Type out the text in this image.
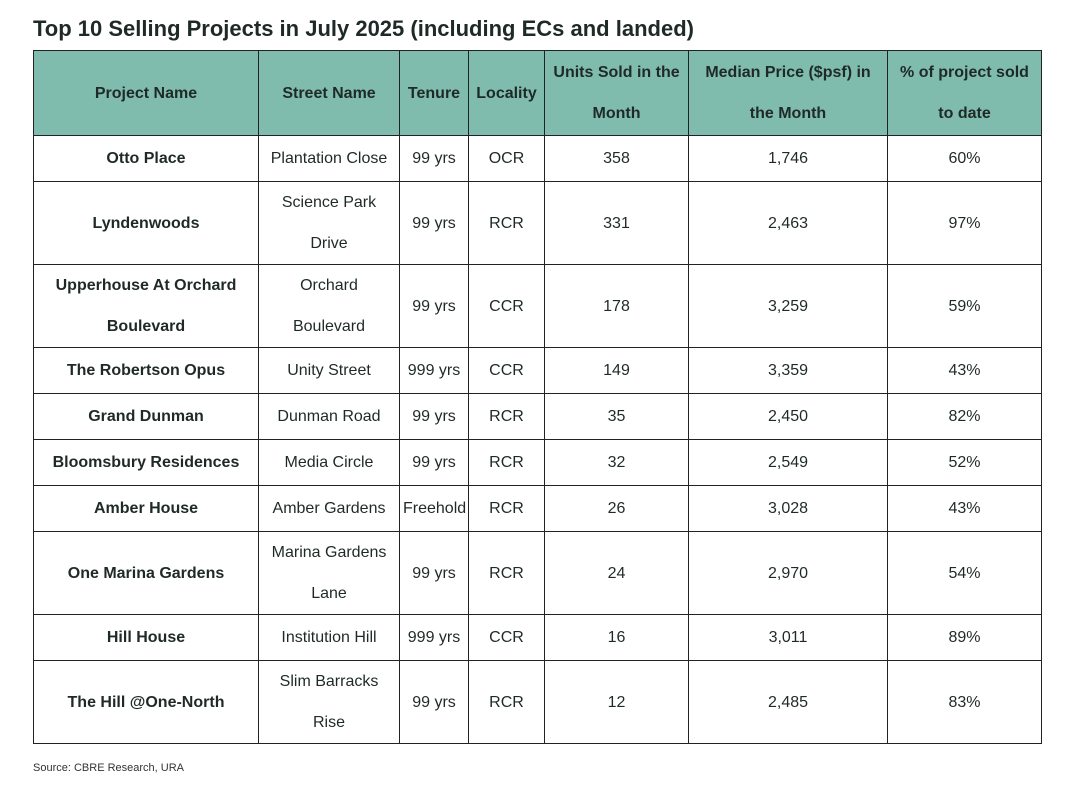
Top 10 Selling Projects in July 2025 (including ECs and landed)
Project Name	Street Name	Tenure	Locality	Units Sold in the Month	Median Price ($psf) in the Month	% of project sold to date
Otto Place	Plantation Close	99 yrs	OCR	358	1,746	60%
Lyndenwoods	Science Park Drive	99 yrs	RCR	331	2,463	97%
Upperhouse At Orchard Boulevard	Orchard Boulevard	99 yrs	CCR	178	3,259	59%
The Robertson Opus	Unity Street	999 yrs	CCR	149	3,359	43%
Grand Dunman	Dunman Road	99 yrs	RCR	35	2,450	82%
Bloomsbury Residences	Media Circle	99 yrs	RCR	32	2,549	52%
Amber House	Amber Gardens	Freehold	RCR	26	3,028	43%
One Marina Gardens	Marina Gardens Lane	99 yrs	RCR	24	2,970	54%
Hill House	Institution Hill	999 yrs	CCR	16	3,011	89%
The Hill @One-North	Slim Barracks Rise	99 yrs	RCR	12	2,485	83%
Source: CBRE Research, URA
